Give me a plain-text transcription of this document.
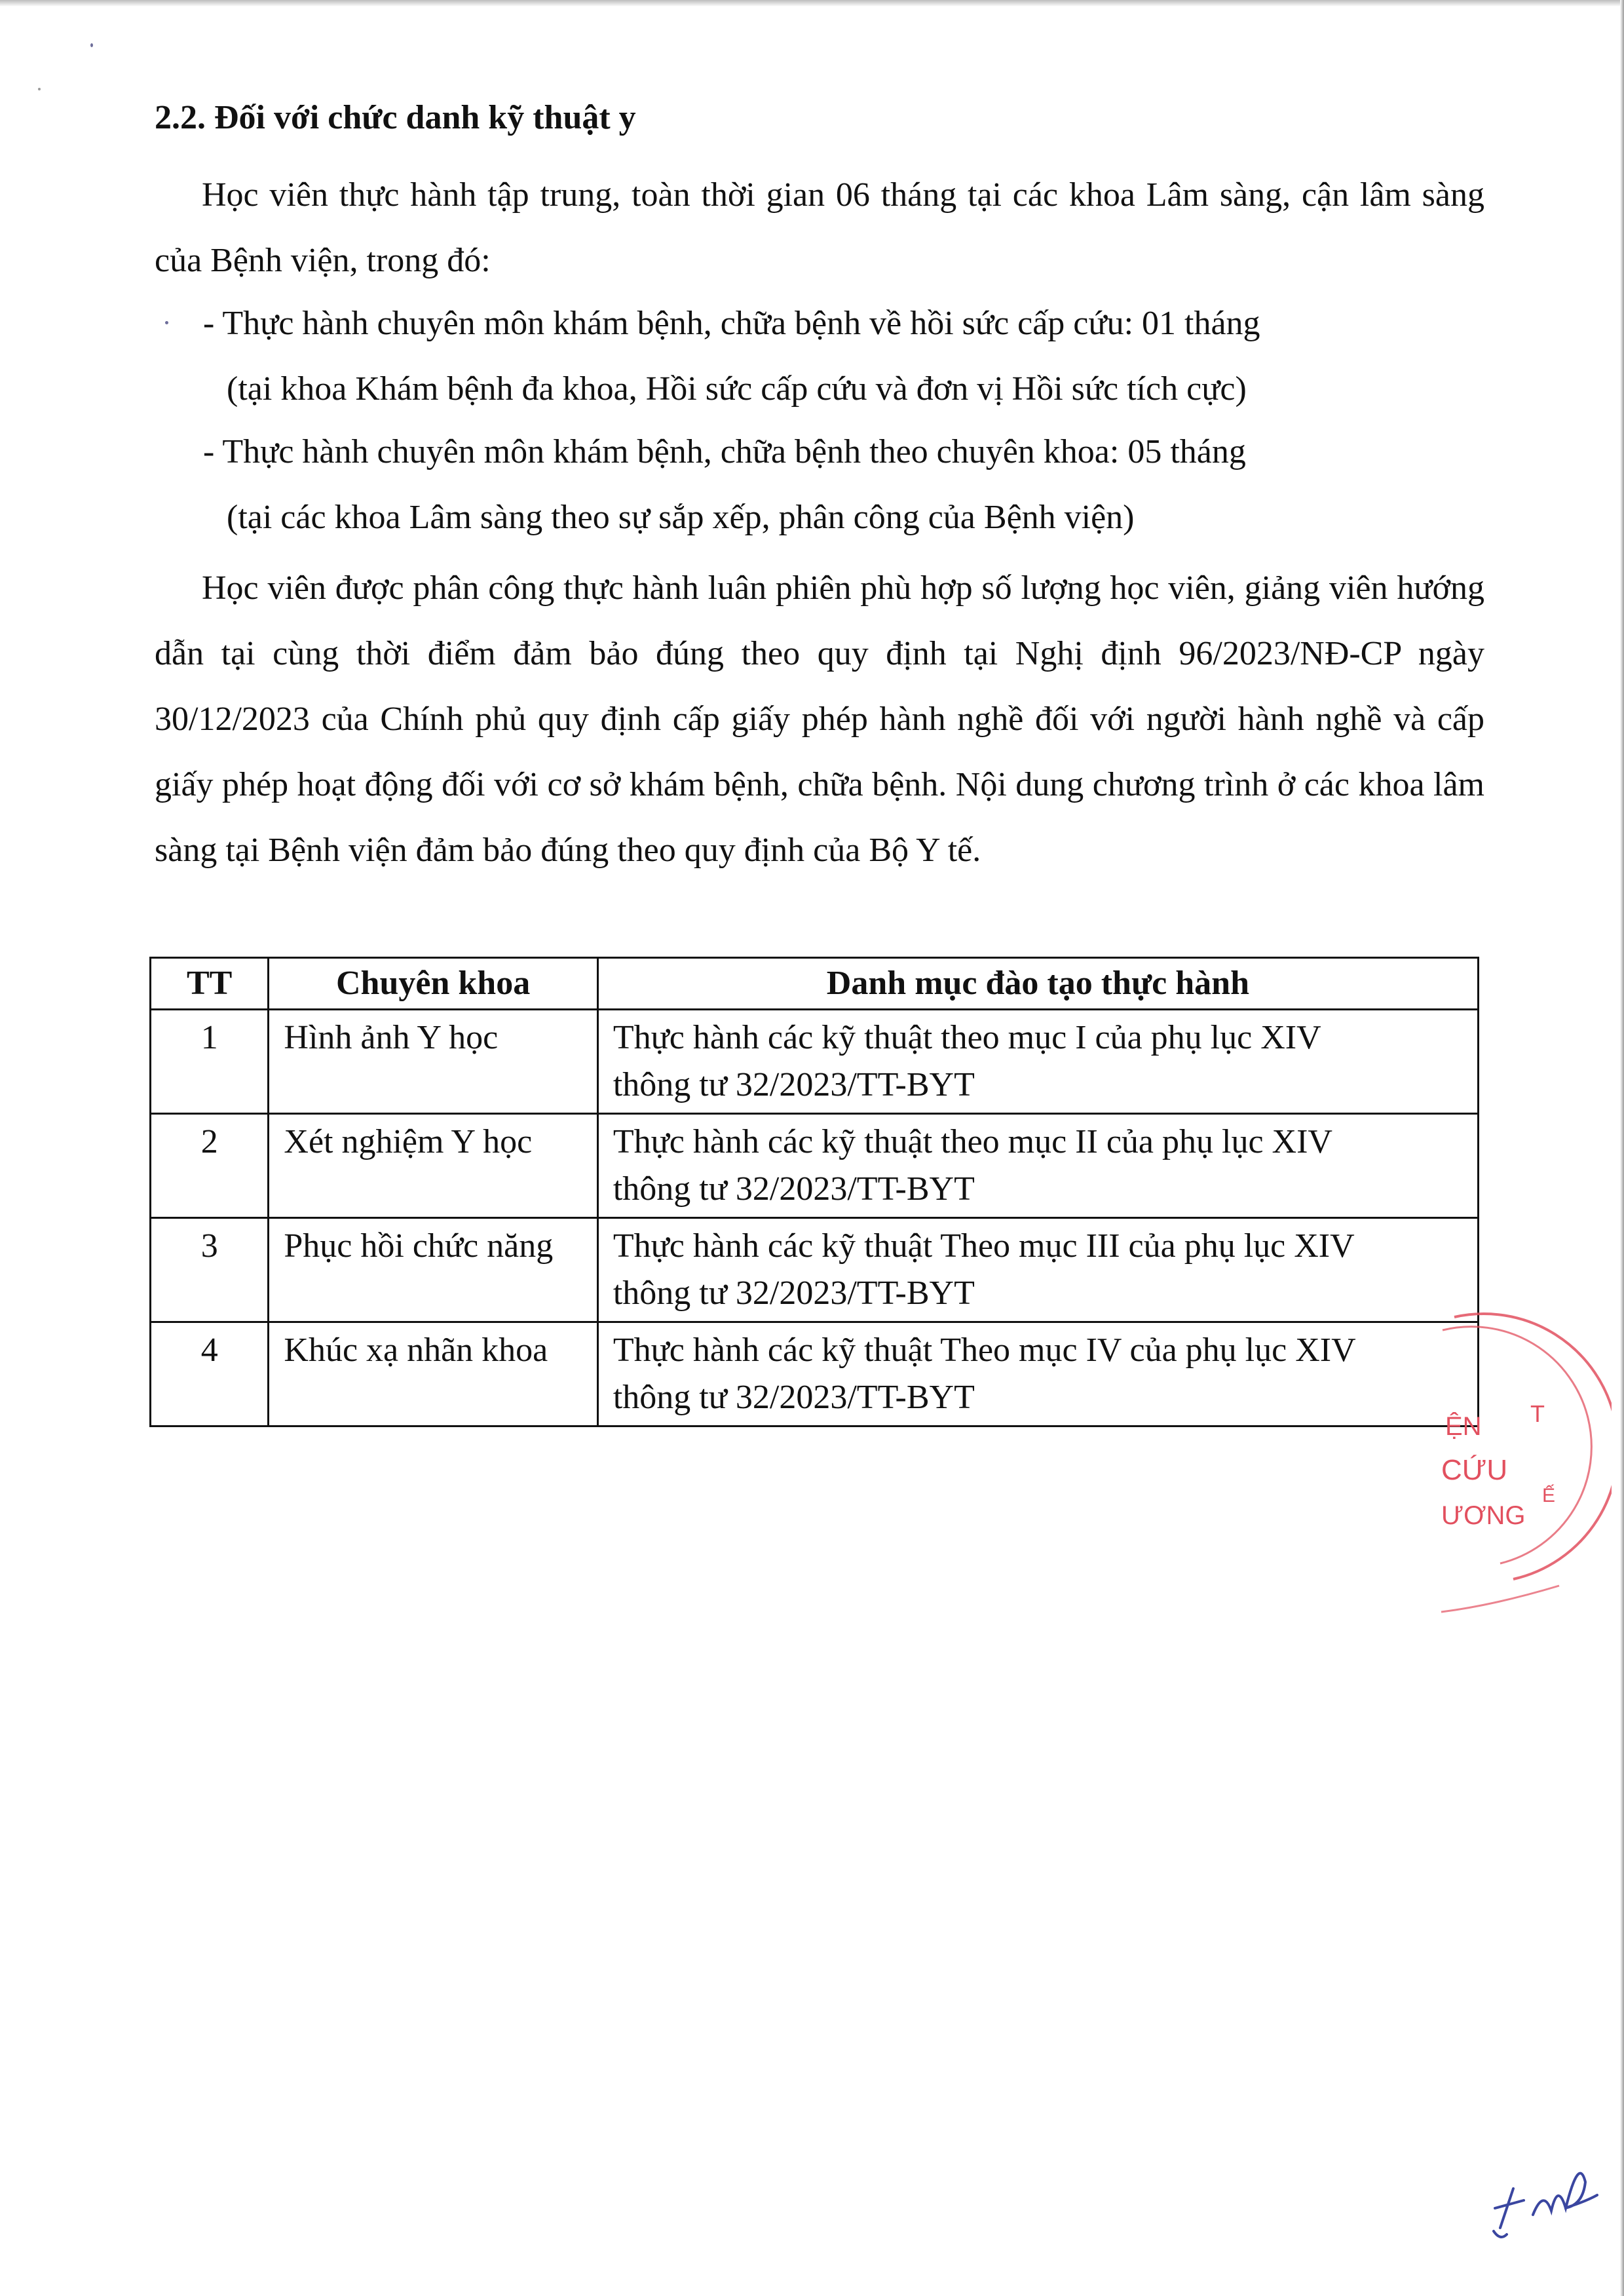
2.2. Đối với chức danh kỹ thuật y

Học viên thực hành tập trung, toàn thời gian 06 tháng tại các khoa Lâm sàng, cận lâm sàng của Bệnh viện, trong đó:

- Thực hành chuyên môn khám bệnh, chữa bệnh về hồi sức cấp cứu: 01 tháng

(tại khoa Khám bệnh đa khoa, Hồi sức cấp cứu và đơn vị Hồi sức tích cực)

- Thực hành chuyên môn khám bệnh, chữa bệnh theo chuyên khoa: 05 tháng

(tại các khoa Lâm sàng theo sự sắp xếp, phân công của Bệnh viện)

Học viên được phân công thực hành luân phiên phù hợp số lượng học viên, giảng viên hướng dẫn tại cùng thời điểm đảm bảo đúng theo quy định tại Nghị định 96/2023/NĐ-CP ngày 30/12/2023 của Chính phủ quy định cấp giấy phép hành nghề đối với người hành nghề và cấp giấy phép hoạt động đối với cơ sở khám bệnh, chữa bệnh. Nội dung chương trình ở các khoa lâm sàng tại Bệnh viện đảm bảo đúng theo quy định của Bộ Y tế.

TT	Chuyên khoa	Danh mục đào tạo thực hành
1	Hình ảnh Y học	Thực hành các kỹ thuật theo mục I của phụ lục XIV
thông tư 32/2023/TT-BYT

2	Xét nghiệm Y học	Thực hành các kỹ thuật theo mục II của phụ lục XIV
thông tư 32/2023/TT-BYT

3	Phục hồi chức năng	Thực hành các kỹ thuật Theo mục III của phụ lục XIV
thông tư 32/2023/TT-BYT

4	Khúc xạ nhãn khoa	Thực hành các kỹ thuật Theo mục IV của phụ lục XIV
thông tư 32/2023/TT-BYT
ỆN
CỨU
ƯƠNG
T
Ế
